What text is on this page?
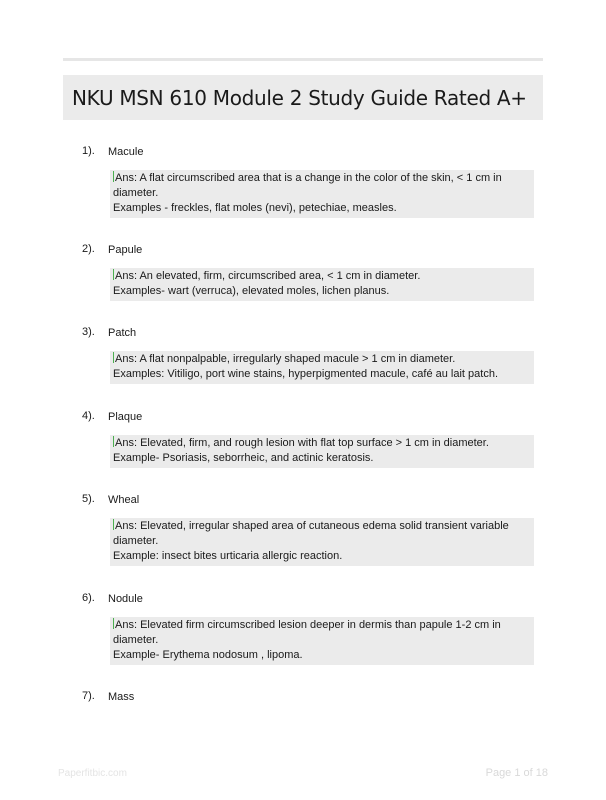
NKU MSN 610 Module 2 Study Guide Rated A+
1). Macule
Ans: A flat circumscribed area that is a change in the color of the skin, < 1 cm in
diameter.
Examples - freckles, flat moles (nevi), petechiae, measles.
2). Papule
Ans: An elevated, firm, circumscribed area, < 1 cm in diameter.
Examples- wart (verruca), elevated moles, lichen planus.
3). Patch
Ans: A flat nonpalpable, irregularly shaped macule > 1 cm in diameter.
Examples: Vitiligo, port wine stains, hyperpigmented macule, café au lait patch.
4). Plaque
Ans: Elevated, firm, and rough lesion with flat top surface > 1 cm in diameter.
Example- Psoriasis, seborrheic, and actinic keratosis.
5). Wheal
Ans: Elevated, irregular shaped area of cutaneous edema solid transient variable
diameter.
Example: insect bites urticaria allergic reaction.
6). Nodule
Ans: Elevated firm circumscribed lesion deeper in dermis than papule 1-2 cm in
diameter.
Example- Erythema nodosum , lipoma.
7). Mass
Paperfitbic.com	Page 1 of 18
